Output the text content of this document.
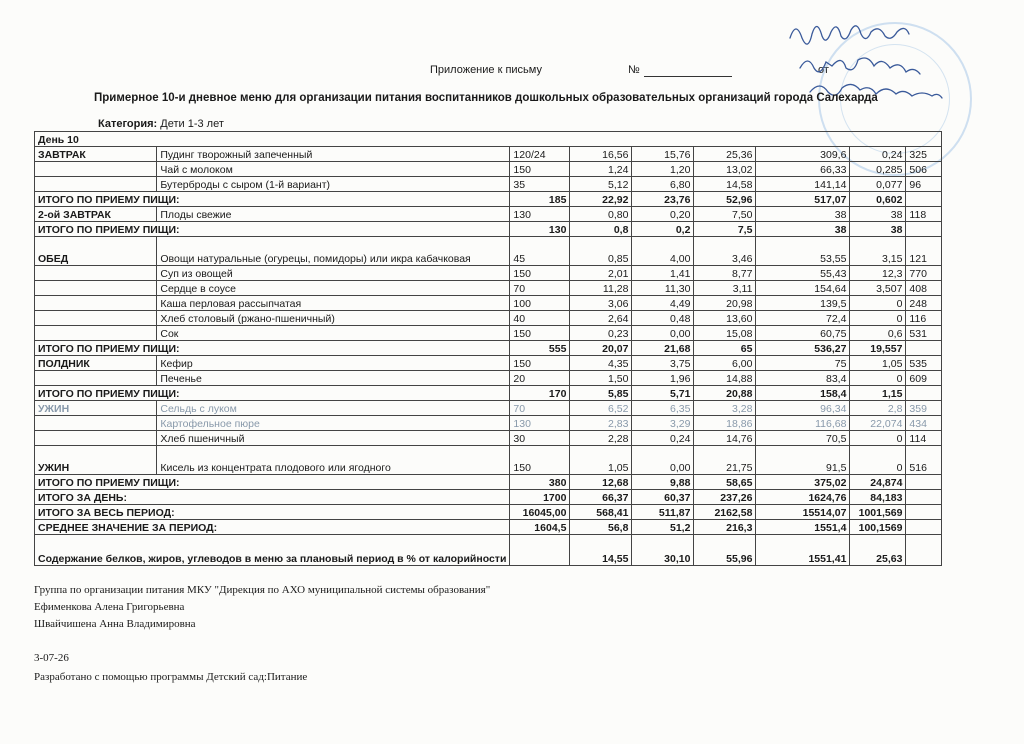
Приложение к письму	№	от
Примерное 10-и дневное меню для организации питания воспитанников дошкольных образовательных организаций города Салехарда
Категория: Дети 1-3 лет
День 10								
ЗАВТРАК	Пудинг творожный запеченный	120/24	16,56	15,76	25,36	309,6	0,24	325
	Чай с молоком	150	1,24	1,20	13,02	66,33	0,285	506
	Бутерброды с сыром (1-й вариант)	35	5,12	6,80	14,58	141,14	0,077	96
ИТОГО ПО ПРИЕМУ ПИЩИ:		185	22,92	23,76	52,96	517,07	0,602	
2-ой ЗАВТРАК	Плоды свежие	130	0,80	0,20	7,50	38	38	118
ИТОГО ПО ПРИЕМУ ПИЩИ:		130	0,8	0,2	7,5	38	38	
ОБЕД	Овощи натуральные (огурецы, помидоры) или икра кабачковая	45	0,85	4,00	3,46	53,55	3,15	121
	Суп из овощей	150	2,01	1,41	8,77	55,43	12,3	770
	Сердце в соусе	70	11,28	11,30	3,11	154,64	3,507	408
	Каша перловая рассыпчатая	100	3,06	4,49	20,98	139,5	0	248
	Хлеб столовый (ржано-пшеничный)	40	2,64	0,48	13,60	72,4	0	116
	Сок	150	0,23	0,00	15,08	60,75	0,6	531
ИТОГО ПО ПРИЕМУ ПИЩИ:		555	20,07	21,68	65	536,27	19,557	
ПОЛДНИК	Кефир	150	4,35	3,75	6,00	75	1,05	535
	Печенье	20	1,50	1,96	14,88	83,4	0	609
ИТОГО ПО ПРИЕМУ ПИЩИ:		170	5,85	5,71	20,88	158,4	1,15	
УЖИН	Сельдь с луком	70	6,52	6,35	3,28	96,34	2,8	359
	Картофельное пюре	130	2,83	3,29	18,86	116,68	22,074	434
	Хлеб пшеничный	30	2,28	0,24	14,76	70,5	0	114
УЖИН	Кисель из концентрата плодового или ягодного	150	1,05	0,00	21,75	91,5	0	516
ИТОГО ПО ПРИЕМУ ПИЩИ:		380	12,68	9,88	58,65	375,02	24,874	
ИТОГО ЗА ДЕНЬ:		1700	66,37	60,37	237,26	1624,76	84,183	
ИТОГО ЗА ВЕСЬ ПЕРИОД:		16045,00	568,41	511,87	2162,58	15514,07	1001,569	
СРЕДНЕЕ ЗНАЧЕНИЕ ЗА ПЕРИОД:		1604,5	56,8	51,2	216,3	1551,4	100,1569	
Содержание белков, жиров, углеводов в меню за плановый период в % от калорийности			14,55	30,10	55,96	1551,41	25,63	
Группа по организации питания МКУ "Дирекция по АХО муниципальной системы образования"
Ефименкова Алена Григорьевна
Швайчишена Анна Владимировна
3-07-26
Разработано с помощью программы Детский сад:Питание
